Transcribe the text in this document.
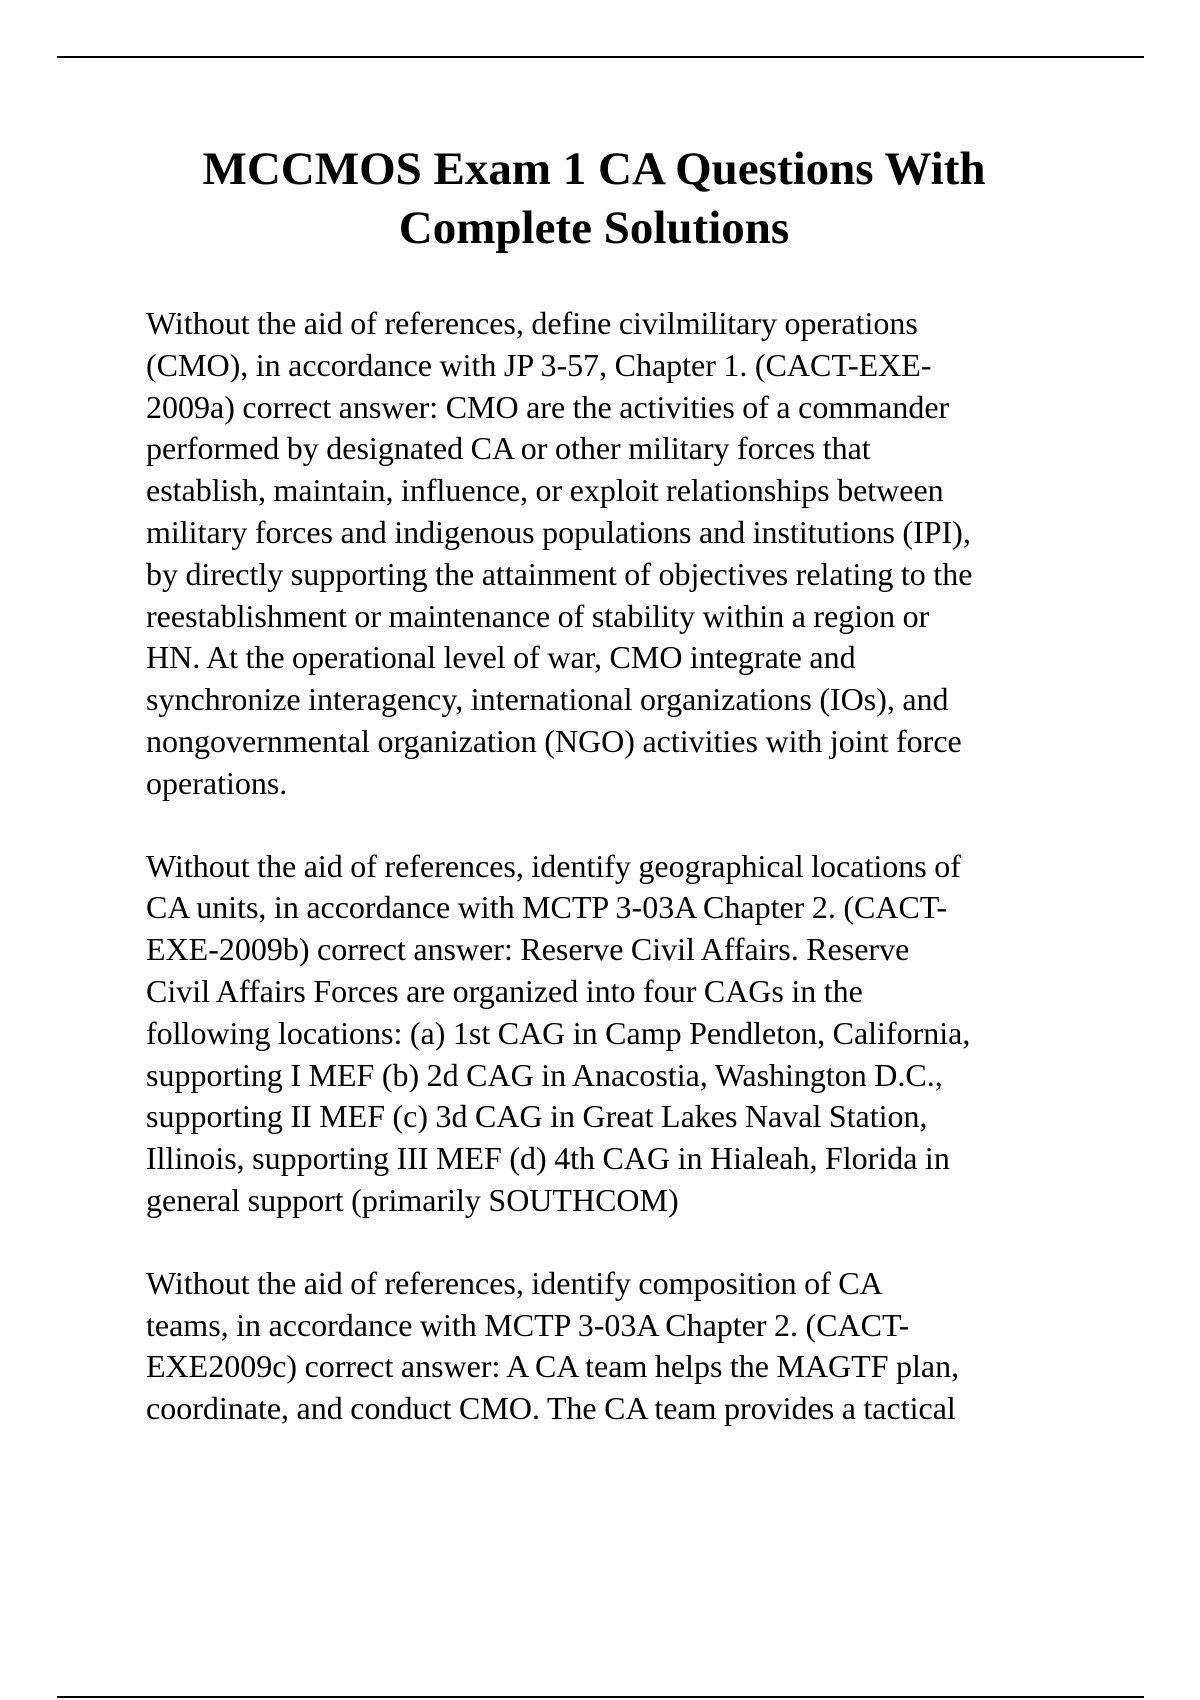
MCCMOS Exam 1 CA Questions With
Complete Solutions

Without the aid of references, define civilmilitary operations
(CMO), in accordance with JP 3-57, Chapter 1. (CACT-EXE-
2009a) correct answer: CMO are the activities of a commander
performed by designated CA or other military forces that
establish, maintain, influence, or exploit relationships between
military forces and indigenous populations and institutions (IPI),
by directly supporting the attainment of objectives relating to the
reestablishment or maintenance of stability within a region or
HN. At the operational level of war, CMO integrate and
synchronize interagency, international organizations (IOs), and
nongovernmental organization (NGO) activities with joint force
operations.

Without the aid of references, identify geographical locations of
CA units, in accordance with MCTP 3-03A Chapter 2. (CACT-
EXE-2009b) correct answer: Reserve Civil Affairs. Reserve
Civil Affairs Forces are organized into four CAGs in the
following locations: (a) 1st CAG in Camp Pendleton, California,
supporting I MEF (b) 2d CAG in Anacostia, Washington D.C.,
supporting II MEF (c) 3d CAG in Great Lakes Naval Station,
Illinois, supporting III MEF (d) 4th CAG in Hialeah, Florida in
general support (primarily SOUTHCOM)

Without the aid of references, identify composition of CA
teams, in accordance with MCTP 3-03A Chapter 2. (CACT-
EXE2009c) correct answer: A CA team helps the MAGTF plan,
coordinate, and conduct CMO. The CA team provides a tactical
